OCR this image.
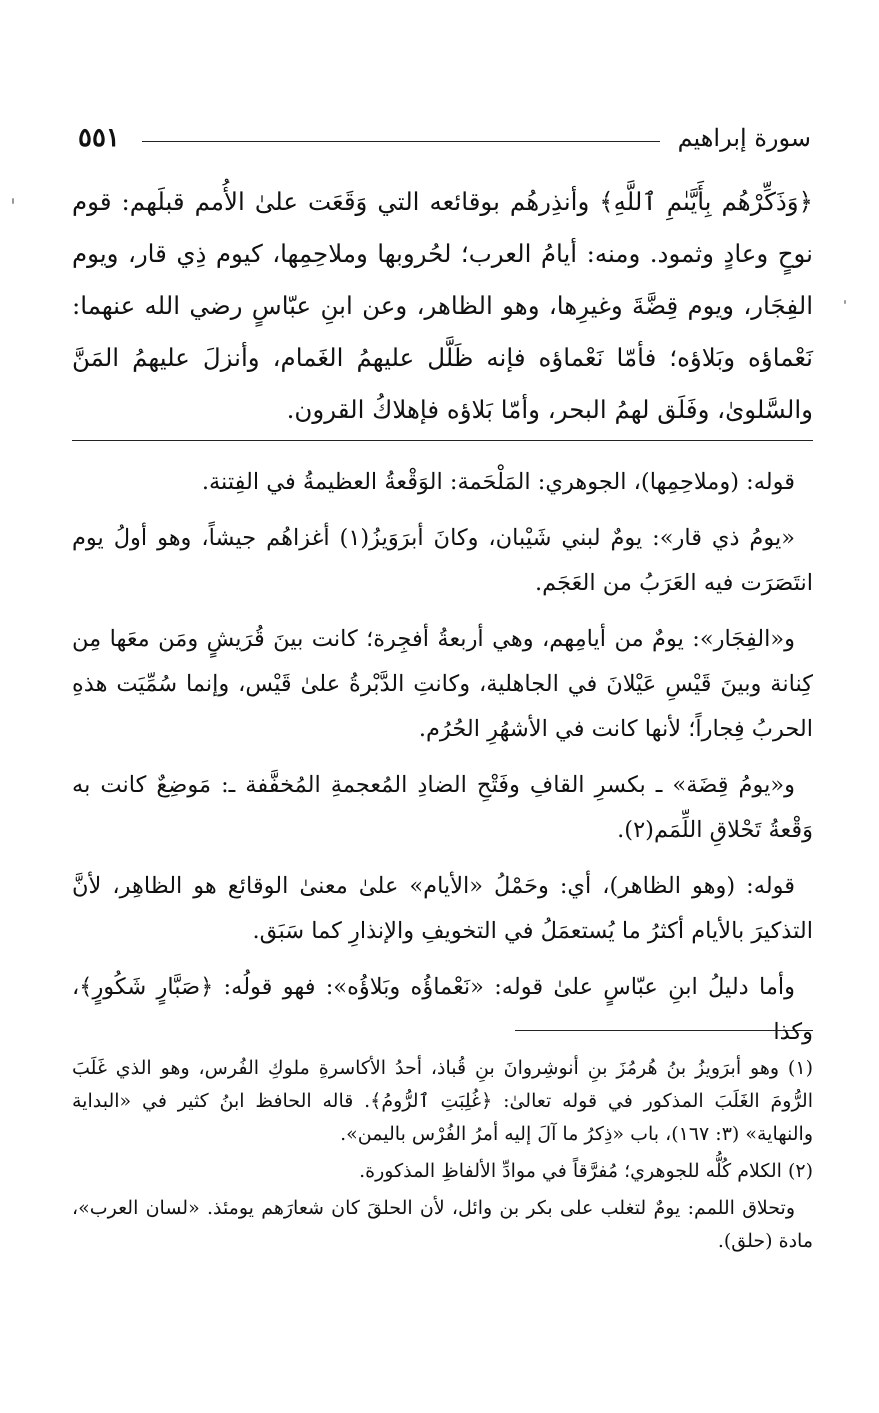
سورة إبراهيم
٥٥١

﴿وَذَكِّرْهُم بِأَيَّىٰمِ ٱللَّهِ﴾ وأنذِرهُم بوقائعه التي وَقَعَت علىٰ الأُمم قبلَهم: قوم نوحٍ وعادٍ وثمود. ومنه: أيامُ العرب؛ لحُروبها وملاحِمِها، كيوم ذِي قار، ويوم الفِجَار، ويوم قِضَّةَ وغيرِها، وهو الظاهر، وعن ابنِ عبّاسٍ رضي الله عنهما: نَعْماؤه وبَلاؤه؛ فأمّا نَعْماؤه فإنه ظَلَّل عليهمُ الغَمام، وأنزلَ عليهمُ المَنَّ والسَّلوىٰ، وفَلَق لهمُ البحر، وأمّا بَلاؤه فإهلاكُ القرون.

قوله: (وملاحِمِها)، الجوهري: المَلْحَمة: الوَقْعةُ العظيمةُ في الفِتنة.

«يومُ ذي قار»: يومٌ لبني شَيْبان، وكانَ أبرَوَيزُ(١) أغزاهُم جيشاً، وهو أولُ يوم انتَصَرَت فيه العَرَبُ من العَجَم.

و«الفِجَار»: يومٌ من أيامِهم، وهي أربعةُ أفجِرة؛ كانت بينَ قُرَيشٍ ومَن معَها مِن كِنانة وبينَ قَيْسِ عَيْلانَ في الجاهلية، وكانتِ الدَّبْرةُ علىٰ قَيْس، وإنما سُمِّيَت هذهِ الحربُ فِجاراً؛ لأنها كانت في الأشهُرِ الحُرُم.

و«يومُ قِضَة» ـ بكسرِ القافِ وفَتْحِ الضادِ المُعجمةِ المُخفَّفة ـ: مَوضِعٌ كانت به وَقْعةُ تَحْلاقِ اللِّمَم(٢).

قوله: (وهو الظاهر)، أي: وحَمْلُ «الأيام» علىٰ معنىٰ الوقائع هو الظاهِر، لأنَّ التذكيرَ بالأيام أكثرُ ما يُستعمَلُ في التخويفِ والإنذارِ كما سَبَق.

وأما دليلُ ابنِ عبّاسٍ علىٰ قوله: «نَعْماؤُه وبَلاؤُه»: فهو قولُه: ﴿صَبَّارٍ شَكُورٍ﴾، وكذا

(١) وهو أبرَويزُ بنُ هُرمُزَ بنِ أنوشِروانَ بنِ قُباذ، أحدُ الأكاسرةِ ملوكِ الفُرس، وهو الذي غَلَبَ الرُّومَ الغَلَبَ المذكور في قوله تعالىٰ: ﴿غُلِبَتِ ٱلرُّومُ﴾. قاله الحافظ ابنُ كثير في «البداية والنهاية» (٣: ١٦٧)، باب «ذِكرُ ما آلَ إليه أمرُ الفُرْس باليمن».

(٢) الكلام كُلُّه للجوهري؛ مُفرَّقاً في موادِّ الألفاظِ المذكورة.

وتحلاق اللمم: يومٌ لتغلب على بكر بن وائل، لأن الحلقَ كان شعارَهم يومئذ. «لسان العرب»، مادة (حلق).
